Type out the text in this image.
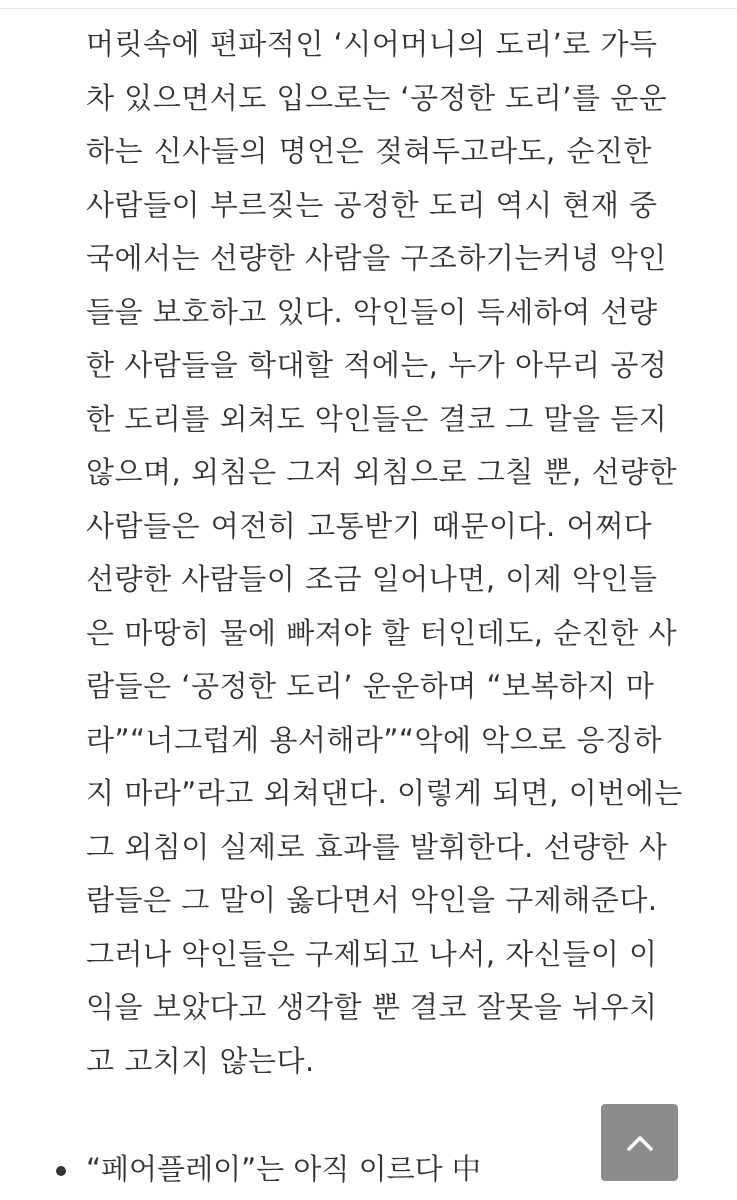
머릿속에 편파적인 ‘시어머니의 도리’로 가득
차 있으면서도 입으로는 ‘공정한 도리’를 운운
하는 신사들의 명언은 젖혀두고라도, 순진한
사람들이 부르짖는 공정한 도리 역시 현재 중
국에서는 선량한 사람을 구조하기는커녕 악인
들을 보호하고 있다. 악인들이 득세하여 선량
한 사람들을 학대할 적에는, 누가 아무리 공정
한 도리를 외쳐도 악인들은 결코 그 말을 듣지
않으며, 외침은 그저 외침으로 그칠 뿐, 선량한
사람들은 여전히 고통받기 때문이다. 어쩌다
선량한 사람들이 조금 일어나면, 이제 악인들
은 마땅히 물에 빠져야 할 터인데도, 순진한 사
람들은 ‘공정한 도리’ 운운하며 “보복하지 마
라”“너그럽게 용서해라”“악에 악으로 응징하
지 마라”라고 외쳐댄다. 이렇게 되면, 이번에는
그 외침이 실제로 효과를 발휘한다. 선량한 사
람들은 그 말이 옳다면서 악인을 구제해준다.
그러나 악인들은 구제되고 나서, 자신들이 이
익을 보았다고 생각할 뿐 결코 잘못을 뉘우치
고 고치지 않는다.
“페어플레이”는 아직 이르다 中
